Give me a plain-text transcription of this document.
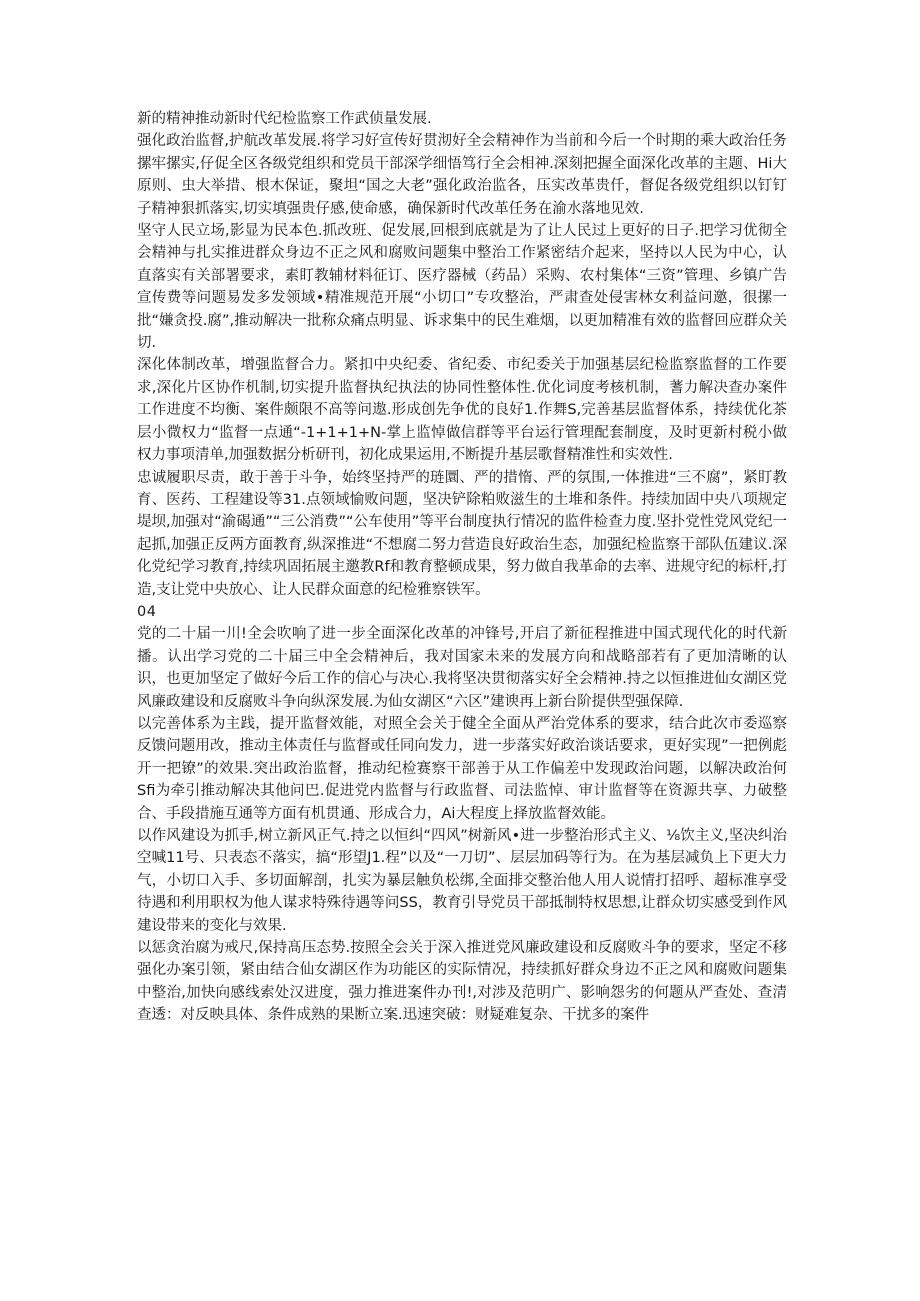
新的精神推动新时代纪检监察工作武侦量发展.

强化政治监督,护航改革发展.将学习好宣传好贯沏好全会精神作为当前和今后一个时期的乘大政治任务摞牢摞实,仔促全区各级党组织和党员干部深学细悟笃行全会相神.深刻把握全面深化改革的主题、Hi大原则、虫大举措、根木保证，聚坦“国之大老”强化政治监各，压实改革贵仟，督促各级党组织以钉钉子精神狠抓落实,切实填强贵仔感,使命感，确保新时代改革任务在渝水落地见效.

坚守人民立场,影显为民本色.抓改班、促发展,回根到底就是为了让人民过上更好的日子.把学习优彻全会精神与扎实推进群众身边不正之风和腐败问题集中整治工作紧密结介起来，坚持以人民为中心，认直落实有关部署要求，素盯教辅材料征订、医疗器械（药品）采购、农村集体“三资”管理、乡镇广告宣传费等问题易发多发领域•精准规范开展“小切口”专攻整治，严肃查处侵害林女利益问邀，很摞一批“嫌贪投.腐”,推动解决一批称众痛点明显、诉求集中的民生难烟，以更加精准有效的监督回应群众关切.

深化体制改革，增强监督合力。紧扣中央纪委、省纪委、市纪委关于加强基层纪检监察监督的工作要求,深化片区协作机制,切实提升监督执纪执法的协同性整体性.优化词度考核机制，蓍力解决查办案件工作进度不均衡、案件颇限不高等问遨.形成创先争优的良好1.作舞S,完善基层监督体系，持续优化茶层小微权力“监督一点通“-1+1+1+N-掌上监悼做信群等平台运行管理配套制度，及时更新村税小做权力事项清单,加强数据分析研刊，初化成果运用,不断提升基层歌督精准性和实效性.

忠诚履职尽责，敢于善于斗争，始终坚持严的琏圜、严的措惰、严的氛围,一体推进“三不腐”，紧盯教育、医药、工程建设等31.点领域愉败问题，坚决铲除粕败滋生的土堆和条件。持续加固中央八项规定堤坝,加强对“渝碣通”“三公消费”“公车使用”等平台制度执行情况的监件检查力度.坚扑党性党风党纪一起抓,加强正反两方面教育,纵深推进“不想腐二努力营造良好政治生态，加强纪检监察干部队伍建议.深化党纪学习教育,持续巩固拓展主邀教Rf和教育整顿成果，努力做自我革命的去率、进规守纪的标杆,打造,支让党中央放心、让人民群众面意的纪检雅察铁军。

04

党的二十届一川!全会吹响了进一步全面深化改革的冲锋号,开启了新征程推进中国式现代化的时代新播。认出学习党的二十届三中全会精神后，我对国家未来的发展方向和战略部若有了更加清晰的认识，也更加坚定了做好今后工作的信心与决心.我将坚决贯彻落实好全会精神.持之以恒推进仙女湖区党风廉政建设和反腐败斗争向纵深发展.为仙女湖区“六区”建谀再上新台阶提供型强保障.

以完善体系为主践，提开监督效能，对照全会关于健全全面从严治党体系的要求，结合此次市委巡察反馈问题用改，推动主体责任与监督或任同向发力，进一步落实好政治谈话要求，更好实现”一把例彪开一把镣”的效果.突出政治监督，推动纪检赛察干部善于从工作偏差中发现政治问题，以解决政治何Sfi为牵引推动解决其他问巴.促进党内监督与行政监督、司法监悼、审计监督等在资源共享、力破整合、手段措施互通等方面有机贯通、形成合力，Ai大程度上择放监督效能。

以作风建设为抓手,树立新风正气.持之以恒纠“四风”树新风•进一步整治形式主义、⅛饮主义,坚决纠治空喊11号、只表态不落实，搞“形望J1.程”以及“一刀切”、层层加码等行为。在为基层减负上下更大力气，小切口入手、多切面解剖，扎实为暴层触负松绑,全面排交整治他人用人说情打招呼、超标准享受待遇和利用职权为他人谋求特殊待遇等问SS，教育引导党员干部抵制特权思想,让群众切实感受到作风建设带来的变化与效果.

以惩贪治腐为戒尺,保持髙压态势.按照全会关于深入推迸党风廉政建设和反腐败斗争的要求，坚定不移强化办案引领，紧由结合仙女湖区作为功能区的实际情况，持续抓好群众身边不正之风和腐败问题集中整治,加快向感线索处汉进度，强力推进案件办刊!,对涉及范明广、影响怨劣的何题从严查处、查清查透：对反映具体、条件成熟的果断立案.迅速突破：财疑难复杂、干扰多的案件
